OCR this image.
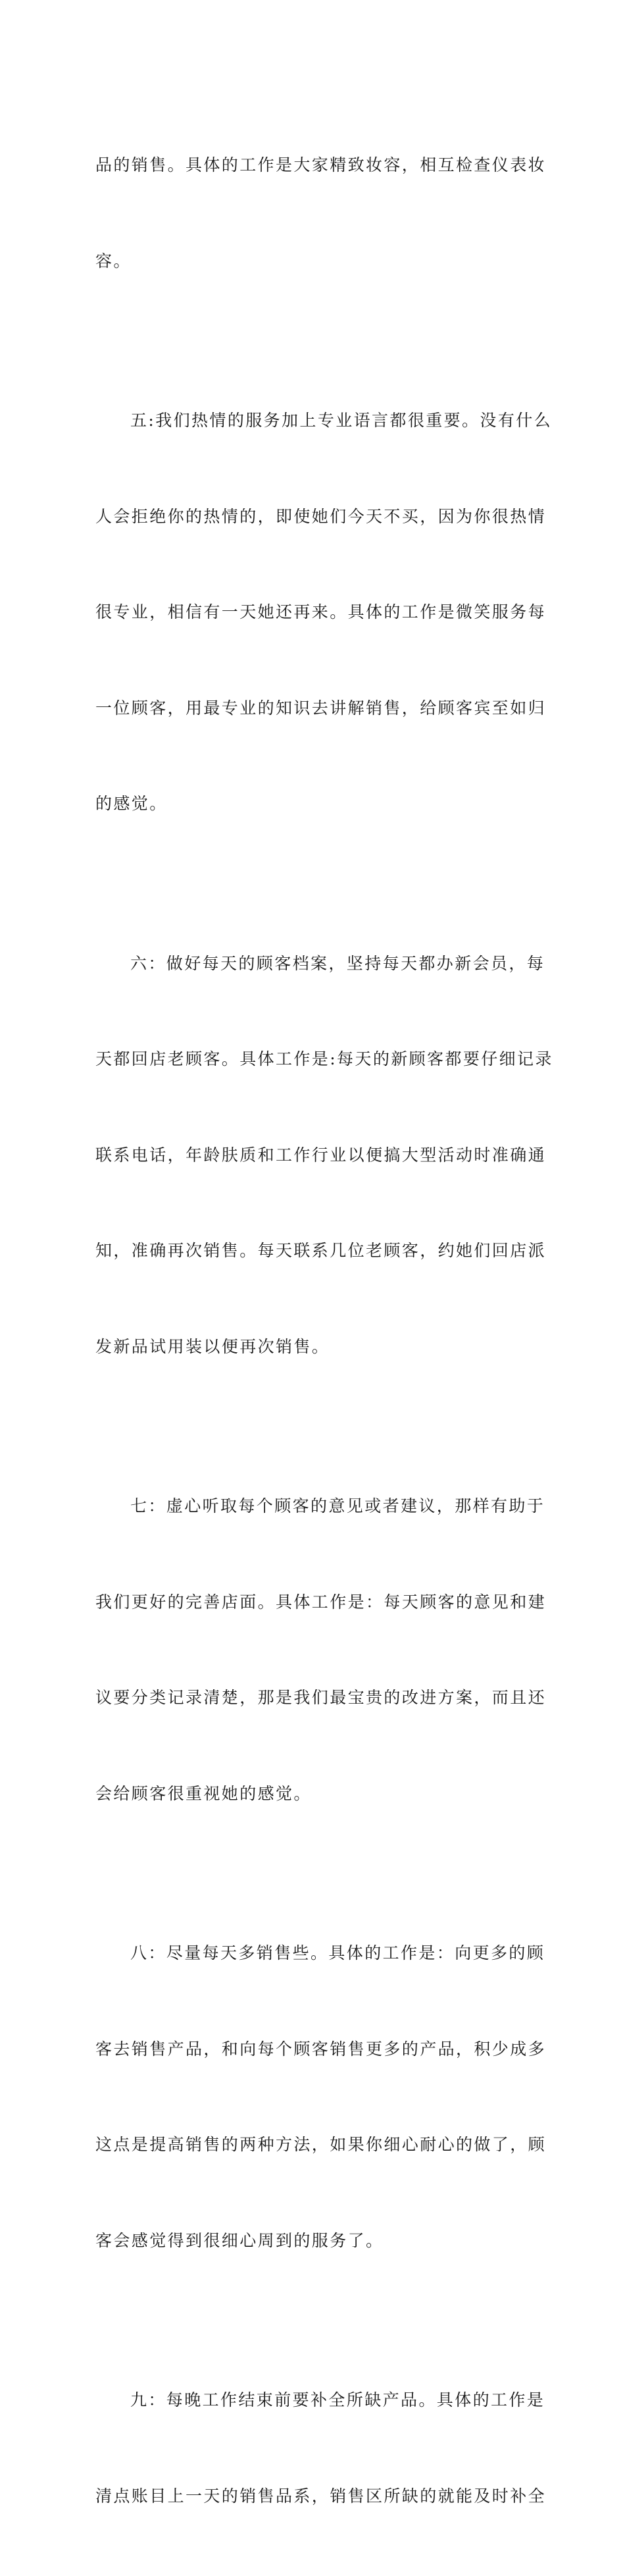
品的销售。具体的工作是大家精致妆容，相互检查仪表妆

容。

五:我们热情的服务加上专业语言都很重要。没有什么

人会拒绝你的热情的，即使她们今天不买，因为你很热情

很专业，相信有一天她还再来。具体的工作是微笑服务每

一位顾客，用最专业的知识去讲解销售，给顾客宾至如归

的感觉。

六：做好每天的顾客档案，坚持每天都办新会员，每

天都回店老顾客。具体工作是:每天的新顾客都要仔细记录

联系电话，年龄肤质和工作行业以便搞大型活动时准确通

知，准确再次销售。每天联系几位老顾客，约她们回店派

发新品试用装以便再次销售。

七：虚心听取每个顾客的意见或者建议，那样有助于

我们更好的完善店面。具体工作是：每天顾客的意见和建

议要分类记录清楚，那是我们最宝贵的改进方案，而且还

会给顾客很重视她的感觉。

八：尽量每天多销售些。具体的工作是：向更多的顾

客去销售产品，和向每个顾客销售更多的产品，积少成多

这点是提高销售的两种方法，如果你细心耐心的做了，顾

客会感觉得到很细心周到的服务了。

九：每晚工作结束前要补全所缺产品。具体的工作是

清点账目上一天的销售品系，销售区所缺的就能及时补全
